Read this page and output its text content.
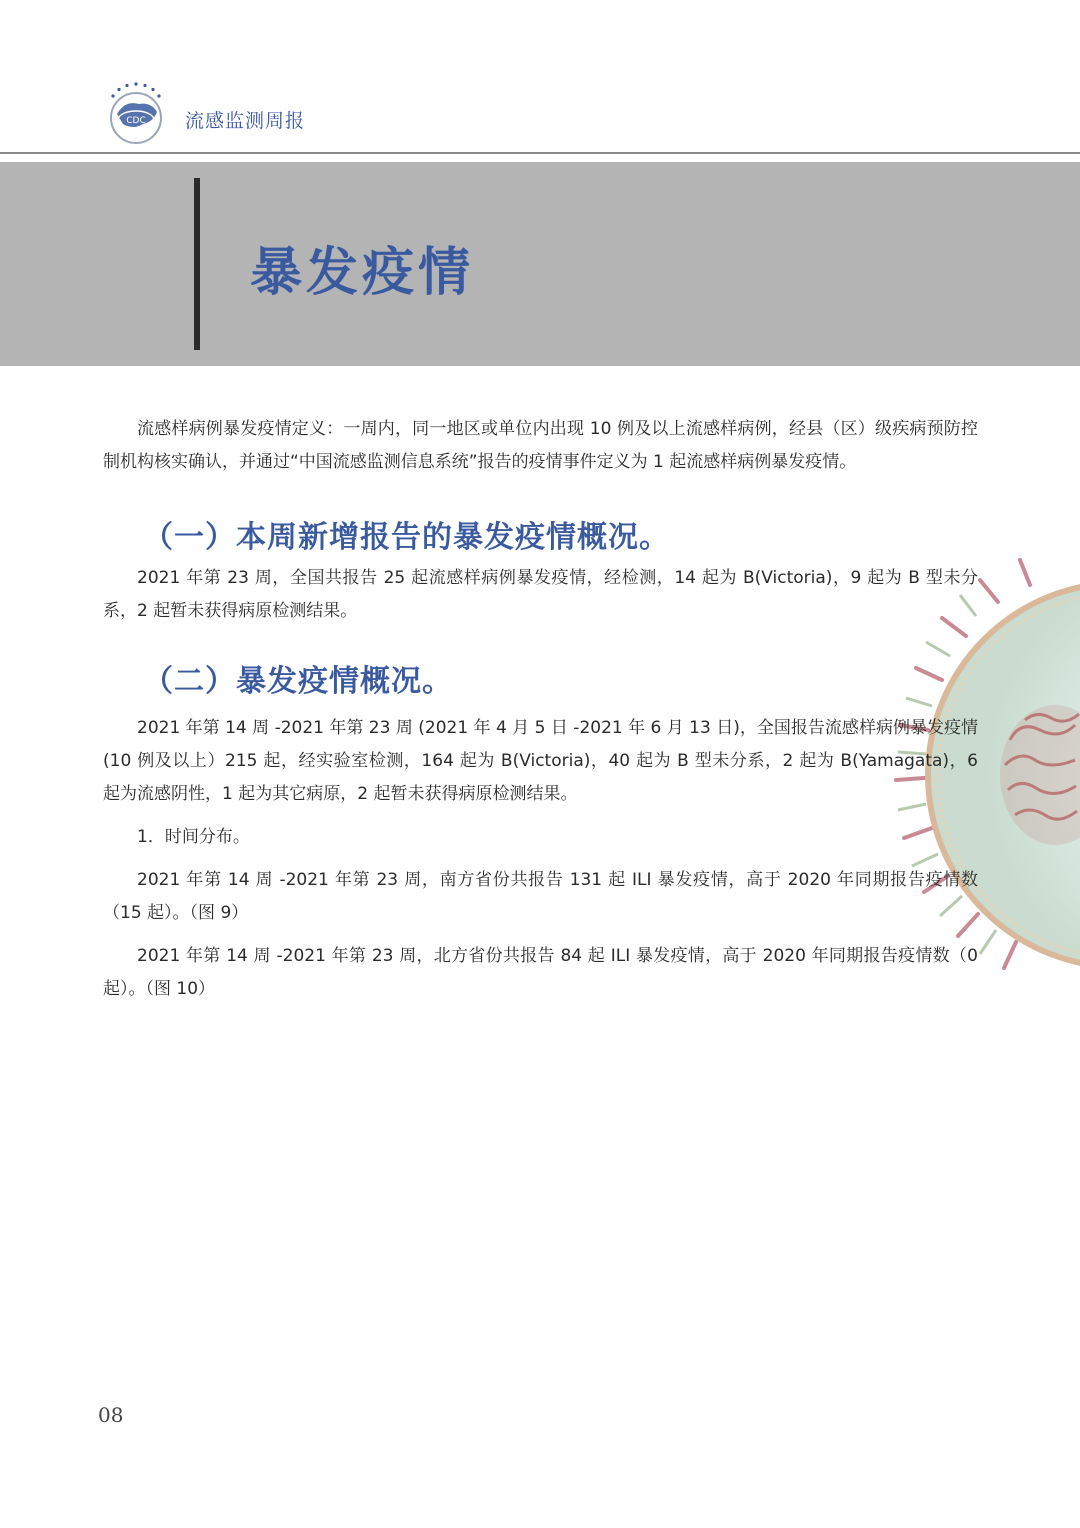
CDC 流感监测周报
暴发疫情

流感样病例暴发疫情定义：一周内，同一地区或单位内出现 10 例及以上流感样病例，经县（区）级疾病预防控制机构核实确认，并通过“中国流感监测信息系统”报告的疫情事件定义为 1 起流感样病例暴发疫情。

（一）本周新增报告的暴发疫情概况。

2021 年第 23 周，全国共报告 25 起流感样病例暴发疫情，经检测，14 起为 B(Victoria)，9 起为 B 型未分系，2 起暂未获得病原检测结果。

（二）暴发疫情概况。

2021 年第 14 周 -2021 年第 23 周 (2021 年 4 月 5 日 -2021 年 6 月 13 日)，全国报告流感样病例暴发疫情 (10 例及以上）215 起，经实验室检测，164 起为 B(Victoria)，40 起为 B 型未分系，2 起为 B(Yamagata)，6 起为流感阴性，1 起为其它病原，2 起暂未获得病原检测结果。

1．时间分布。

2021 年第 14 周 -2021 年第 23 周，南方省份共报告 131 起 ILI 暴发疫情，高于 2020 年同期报告疫情数（15 起）。（图 9）

2021 年第 14 周 -2021 年第 23 周，北方省份共报告 84 起 ILI 暴发疫情，高于 2020 年同期报告疫情数（0 起）。（图 10）

08
